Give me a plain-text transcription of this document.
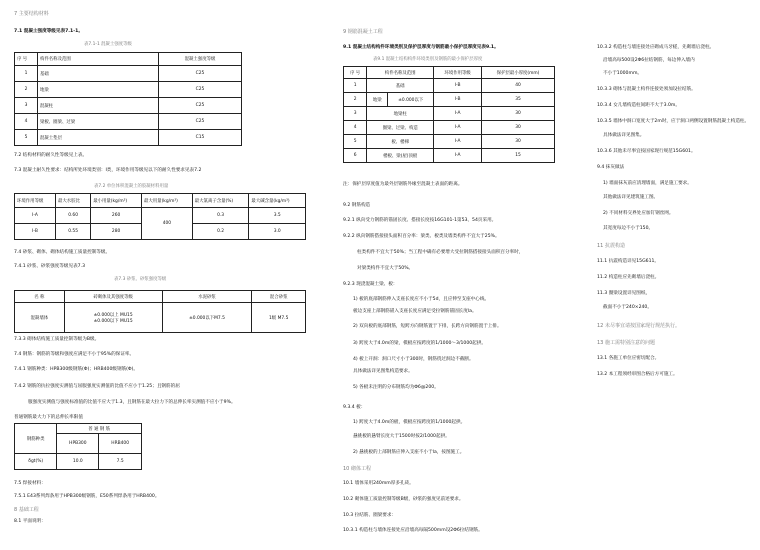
7 主要结构材料
7.1 混凝土强度等级见表7.1-1。
表7.1-1 混凝土强度等级
序 号	构件名称及范围	混凝土强度等级
1	基础	C25
2	地梁	C25
3	混凝柱	C25
4	梁板、圈梁、过梁	C25
5	混凝土垫层	C15
7.2 结构材料的耐久性等级见上表。
7.3 混凝土耐久性要求：结构所处环境类别：I类，环境作用等级见以下的耐久性要求见表7.2
表7.2 单位体积混凝土的胶凝材料用量
环境作用等级	最大水胶比	最小用量(kg/m³)	最大用量(kg/m³)	最大氯离子含量(%)	最大碱含量(kg/m³)
I-A	0.60	260	400	0.3	3.5
I-B	0.55	280		0.2	3.0
7.4 砂浆、砌体、砌体结构施工质量控制等级。
7.4.1 砂浆、砂浆强度等级见表7.3
表7.3 砂浆、砂浆强度等级
名 称	砖砌体及其强度等级	水泥砂浆	混合砂浆
混凝墙体	±0.000以上 MU15
±0.000以下 MU15	±0.000以下M7.5	1级 M7.5
7.3.3 砌体结构施工质量控制等级为B级。
7.4 钢筋：钢筋的等级和强度应满足不小于95%的保证率。
7.4.1 钢筋种类：HPB300级钢筋(Φ)；HRB400级钢筋(Φ)。
7.4.2 钢筋的抗拉强度实测值与屈服强度实测值的比值不应小于1.25；且钢筋的屈
服强度实测值与强度标准值的比值不应大于1.3，且钢筋在最大拉力下的总伸长率实测值不应小于9%。
普通钢筋最大力下的总伸长率限值
钢筋种类	普 通 钢 筋	
	HPB300	HRB400
δgt(%)	10.0	7.5
7.5 焊接材料：
7.5.1 E43系列焊条用于HPB300级钢筋，E50系列焊条用于HRB400。
8 基础工程
8.1 平面说明：
9 钢筋混凝土工程
9.1 混凝土结构构件环境类别及保护层厚度与钢筋最小保护层厚度见表9.1。
表9.1 混凝土结构构件环境类别及钢筋的最小保护层厚度
序 号	构件名称及范围		环境作用等级	保护层最小厚度(mm)
1	基础		I-B	40
2	地梁	±0.000以下	I-B	35
3	地梁柱		I-A	30
4	圈梁、过梁、构造		I-A	30
5	板、楼梯		I-A	30
6	楼板、梁(屋)顶板		I-A	15
注：保护层厚度值为最外层钢筋外缘至混凝土表面的距离。
9.2 钢筋构造
9.2.1 纵向受力钢筋的锚固长度、搭接长度按16G101-1第53、54页采用。
9.2.2 纵向钢筋搭接接头面积百分率：梁类、板类及墙类构件不宜大于25%。
柱类构件不宜大于50%；当工程中确有必要增大受拉钢筋搭接接头面积百分率时，
对梁类构件不宜大于50%。
9.2.3 现浇混凝土梁、板：
1) 板的底部钢筋伸入支座长度应不小于5d，且应伸至支座中心线。
板边支座上部钢筋锚入支座长度应满足受拉钢筋锚固长度la。
2) 双向板的底部钢筋，短跨方向钢筋置于下排，长跨方向钢筋置于上排。
3) 跨度大于4.0m的梁，模板应按跨度的1/1000～3/1000起拱。
4) 板上开洞：洞口尺寸小于300时，钢筋绕过洞边不截断。
具体做法详见图集构造要求。
5) 各板未注明的分布钢筋均为Φ6@200。
9.3.4 板：
1) 跨度大于4.0m的板，模板应按跨度的1/1000起拱。
悬挑板的悬臂长度大于1500时按2/1000起拱。
2) 悬挑板的上部钢筋应伸入支座不小于la，按图施工。
10 砌体工程
10.1 墙体采用240mm厚多孔砖。
10.2 砌体施工质量控制等级B级，砂浆的强度见前述要求。
10.3 拉结筋、圈梁要求：
10.3.1 构造柱与墙体连接处应沿墙高每隔500mm设2Φ6拉结钢筋。
10.3.2 构造柱与墙连接处应砌成马牙槎，先砌墙后浇柱。
沿墙高每500设2Φ6拉结钢筋，每边伸入墙内
不小于1000mm。
10.3.3 砌体与混凝土构件连接处须加设拉结筋。
10.3.4 女儿墙构造柱间距不大于3.0m。
10.3.5 墙体中洞口宽度大于2m时，应于洞口两侧设置钢筋混凝土构造柱。
具体做法详见图集。
10.3.6 其他未尽事宜按国家现行规范15G601。
9.4 抹灰做法
1) 墙面抹灰前应清理墙面，满足施工要求。
其他做法详见建筑施工图。
2) 不同材料交界处应加钉钢丝网。
其宽度每边不小于150。
11 抗震构造
11.1 抗震构造详见15G611。
11.2 构造柱应先砌墙后浇柱。
11.3 圈梁设置详见图纸，
截面不小于240×240。
12 未尽事宜请按国家现行规范执行。
13 施工需特别注意的问题
13.1 各施工单位应密切配合。
13.2 本工程须经审图合格后方可施工。
